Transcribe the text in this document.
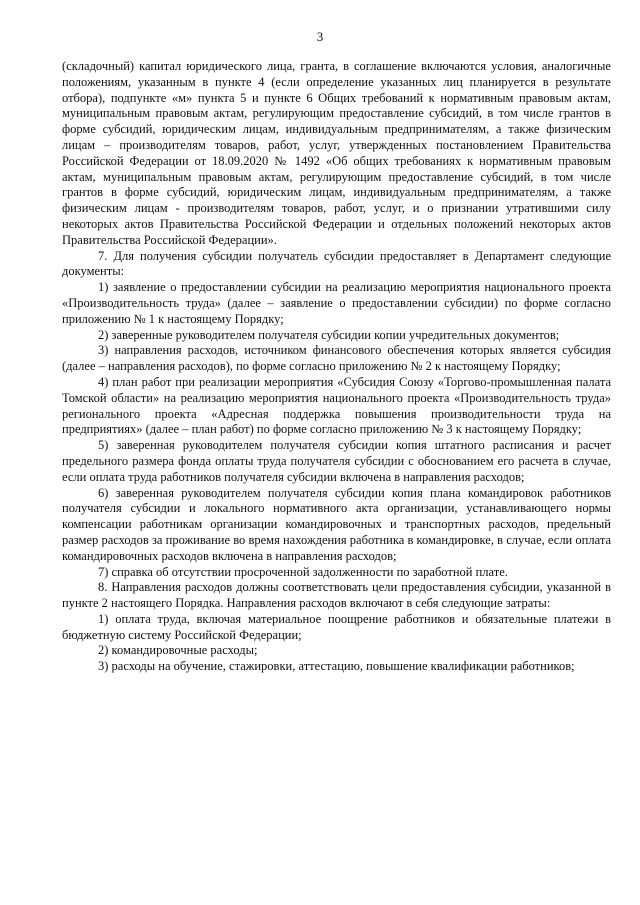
3

(складочный) капитал юридического лица, гранта, в соглашение включаются условия, аналогичные положениям, указанным в пункте 4 (если определение указанных лиц планируется в результате отбора), подпункте «м» пункта 5 и пункте 6 Общих требований к нормативным правовым актам, муниципальным правовым актам, регулирующим предоставление субсидий, в том числе грантов в форме субсидий, юридическим лицам, индивидуальным предпринимателям, а также физическим лицам – производителям товаров, работ, услуг, утвержденных постановлением Правительства Российской Федерации от 18.09.2020 № 1492 «Об общих требованиях к нормативным правовым актам, муниципальным правовым актам, регулирующим предоставление субсидий, в том числе грантов в форме субсидий, юридическим лицам, индивидуальным предпринимателям, а также физическим лицам - производителям товаров, работ, услуг, и о признании утратившими силу некоторых актов Правительства Российской Федерации и отдельных положений некоторых актов Правительства Российской Федерации».

7. Для получения субсидии получатель субсидии предоставляет в Департамент следующие документы:

1) заявление о предоставлении субсидии на реализацию мероприятия национального проекта «Производительность труда» (далее – заявление о предоставлении субсидии) по форме согласно приложению № 1 к настоящему Порядку;

2) заверенные руководителем получателя субсидии копии учредительных документов;

3) направления расходов, источником финансового обеспечения которых является субсидия (далее – направления расходов), по форме согласно приложению № 2 к настоящему Порядку;

4) план работ при реализации мероприятия «Субсидия Союзу «Торгово-промышленная палата Томской области» на реализацию мероприятия национального проекта «Производительность труда» регионального проекта «Адресная поддержка повышения производительности труда на предприятиях» (далее – план работ) по форме согласно приложению № 3 к настоящему Порядку;

5) заверенная руководителем получателя субсидии копия штатного расписания и расчет предельного размера фонда оплаты труда получателя субсидии с обоснованием его расчета в случае, если оплата труда работников получателя субсидии включена в направления расходов;

6) заверенная руководителем получателя субсидии копия плана командировок работников получателя субсидии и локального нормативного акта организации, устанавливающего нормы компенсации работникам организации командировочных и транспортных расходов, предельный размер расходов за проживание во время нахождения работника в командировке, в случае, если оплата командировочных расходов включена в направления расходов;

7) справка об отсутствии просроченной задолженности по заработной плате.

8. Направления расходов должны соответствовать цели предоставления субсидии, указанной в пункте 2 настоящего Порядка. Направления расходов включают в себя следующие затраты:

1) оплата труда, включая материальное поощрение работников и обязательные платежи в бюджетную систему Российской Федерации;

2) командировочные расходы;

3) расходы на обучение, стажировки, аттестацию, повышение квалификации работников;
